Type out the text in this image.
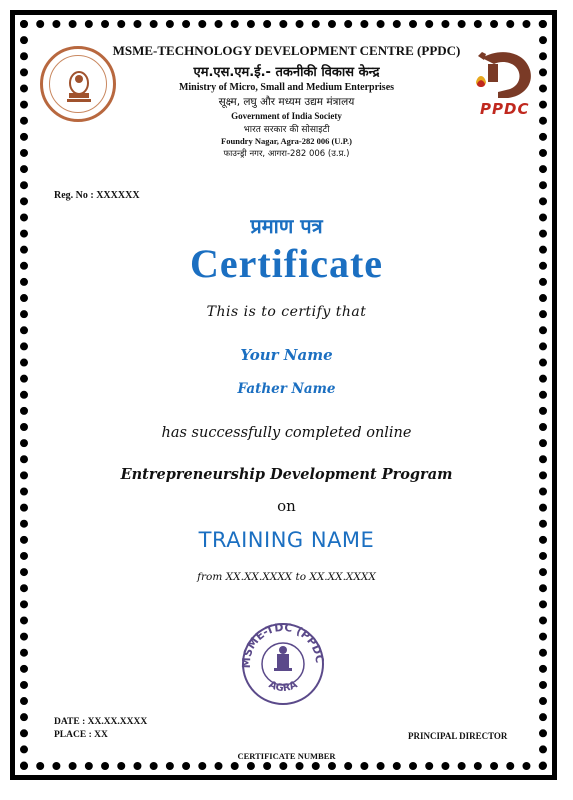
PPDC
MSME-TECHNOLOGY DEVELOPMENT CENTRE (PPDC)
एम.एस.एम.ई.- तकनीकी विकास केन्द्र
Ministry of Micro, Small and Medium Enterprises
सूक्ष्म, लघु और मध्यम उद्यम मंत्रालय
Government of India Society
भारत सरकार की सोसाइटी
Foundry Nagar, Agra-282 006 (U.P.)
फाउन्ड्री नगर, आगरा-282 006 (उ.प्र.)
Reg. No : XXXXXX
प्रमाण पत्र
Certificate
This is to certify that
Your Name
Father Name
has successfully completed online
Entrepreneurship Development Program
on
TRAINING NAME
from XX.XX.XXXX to XX.XX.XXXX
MSME-TDC (PPDC
AGRA
DATE : XX.XX.XXXX
PLACE : XX	PRINCIPAL DIRECTOR
CERTIFICATE NUMBER
